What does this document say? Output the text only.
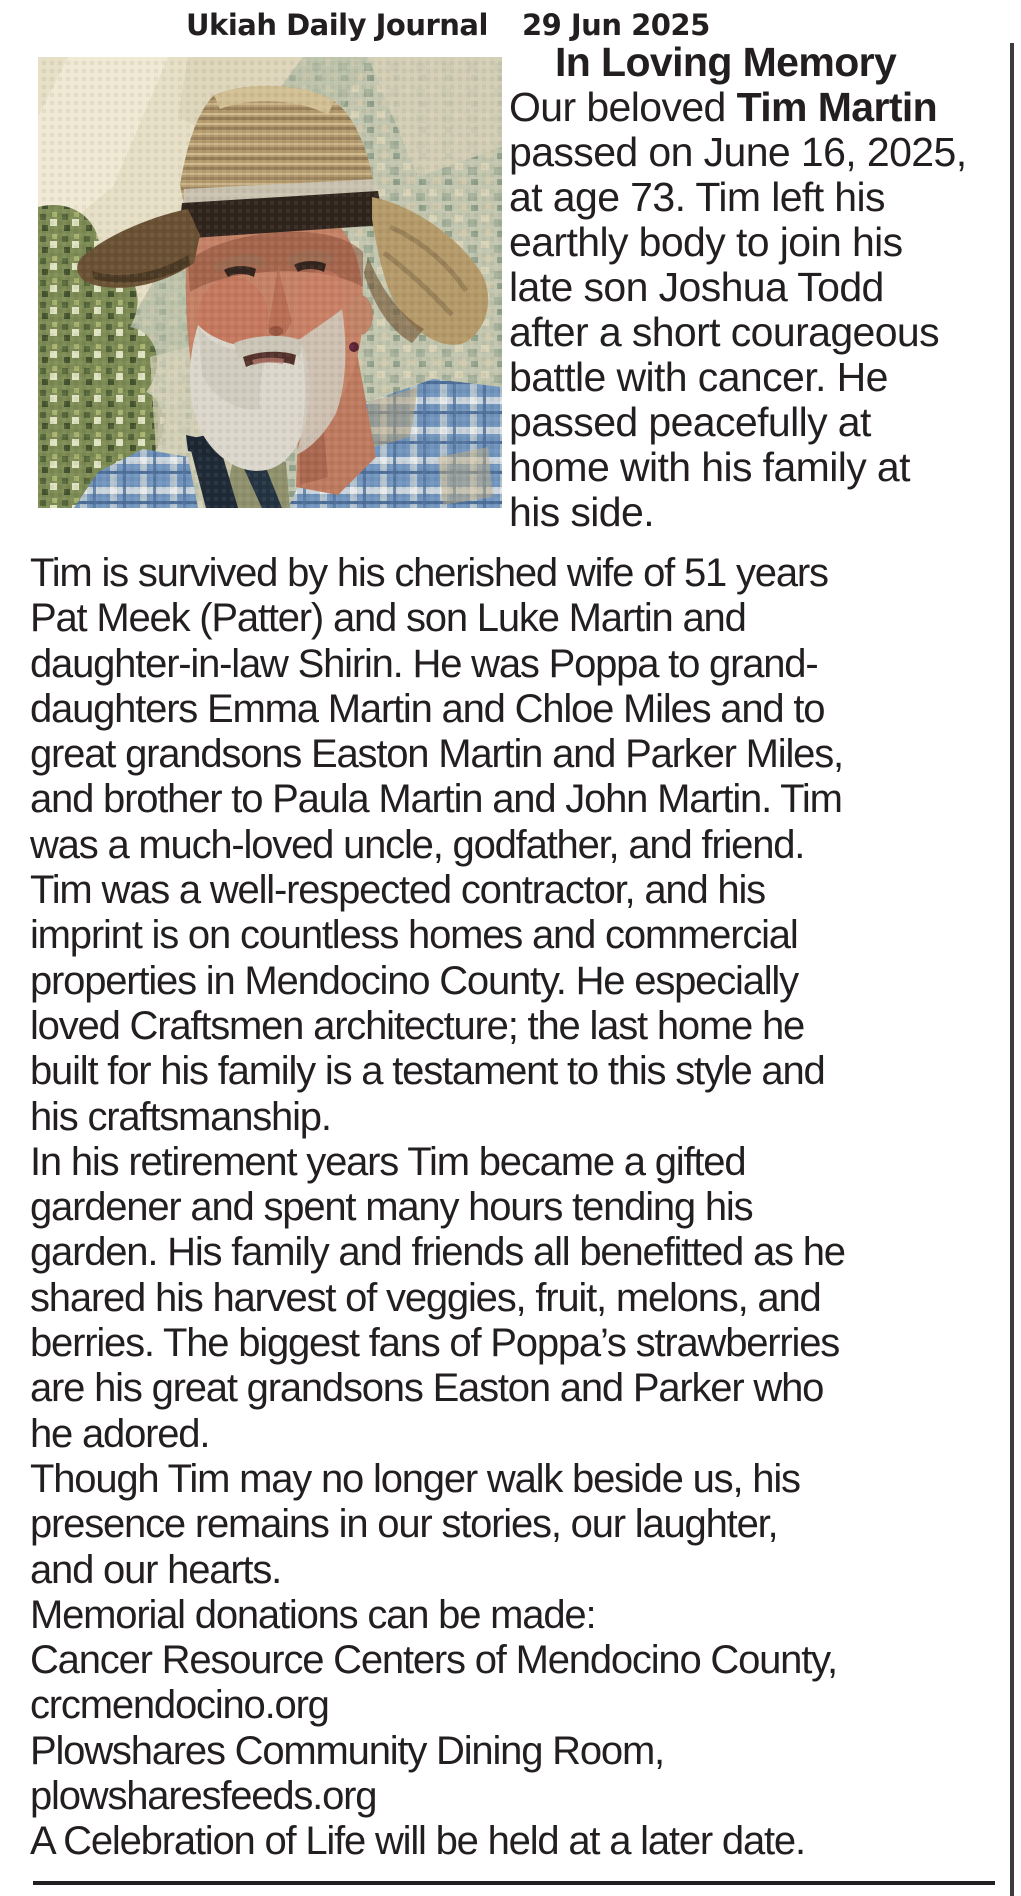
Ukiah Daily Journal 29 Jun 2025
In Loving Memory
Our beloved Tim Martin
passed on June 16, 2025,
at age 73. Tim left his
earthly body to join his
late son Joshua Todd
after a short courageous
battle with cancer. He
passed peacefully at
home with his family at
his side.
Tim is survived by his cherished wife of 51 years
Pat Meek (Patter) and son Luke Martin and
daughter-in-law Shirin. He was Poppa to grand-
daughters Emma Martin and Chloe Miles and to
great grandsons Easton Martin and Parker Miles,
and brother to Paula Martin and John Martin. Tim
was a much-loved uncle, godfather, and friend.
Tim was a well-respected contractor, and his
imprint is on countless homes and commercial
properties in Mendocino County. He especially
loved Craftsmen architecture; the last home he
built for his family is a testament to this style and
his craftsmanship.
In his retirement years Tim became a gifted
gardener and spent many hours tending his
garden. His family and friends all benefitted as he
shared his harvest of veggies, fruit, melons, and
berries. The biggest fans of Poppa’s strawberries
are his great grandsons Easton and Parker who
he adored.
Though Tim may no longer walk beside us, his
presence remains in our stories, our laughter,
and our hearts.
Memorial donations can be made:
Cancer Resource Centers of Mendocino County,
crcmendocino.org
Plowshares Community Dining Room,
plowsharesfeeds.org
A Celebration of Life will be held at a later date.
